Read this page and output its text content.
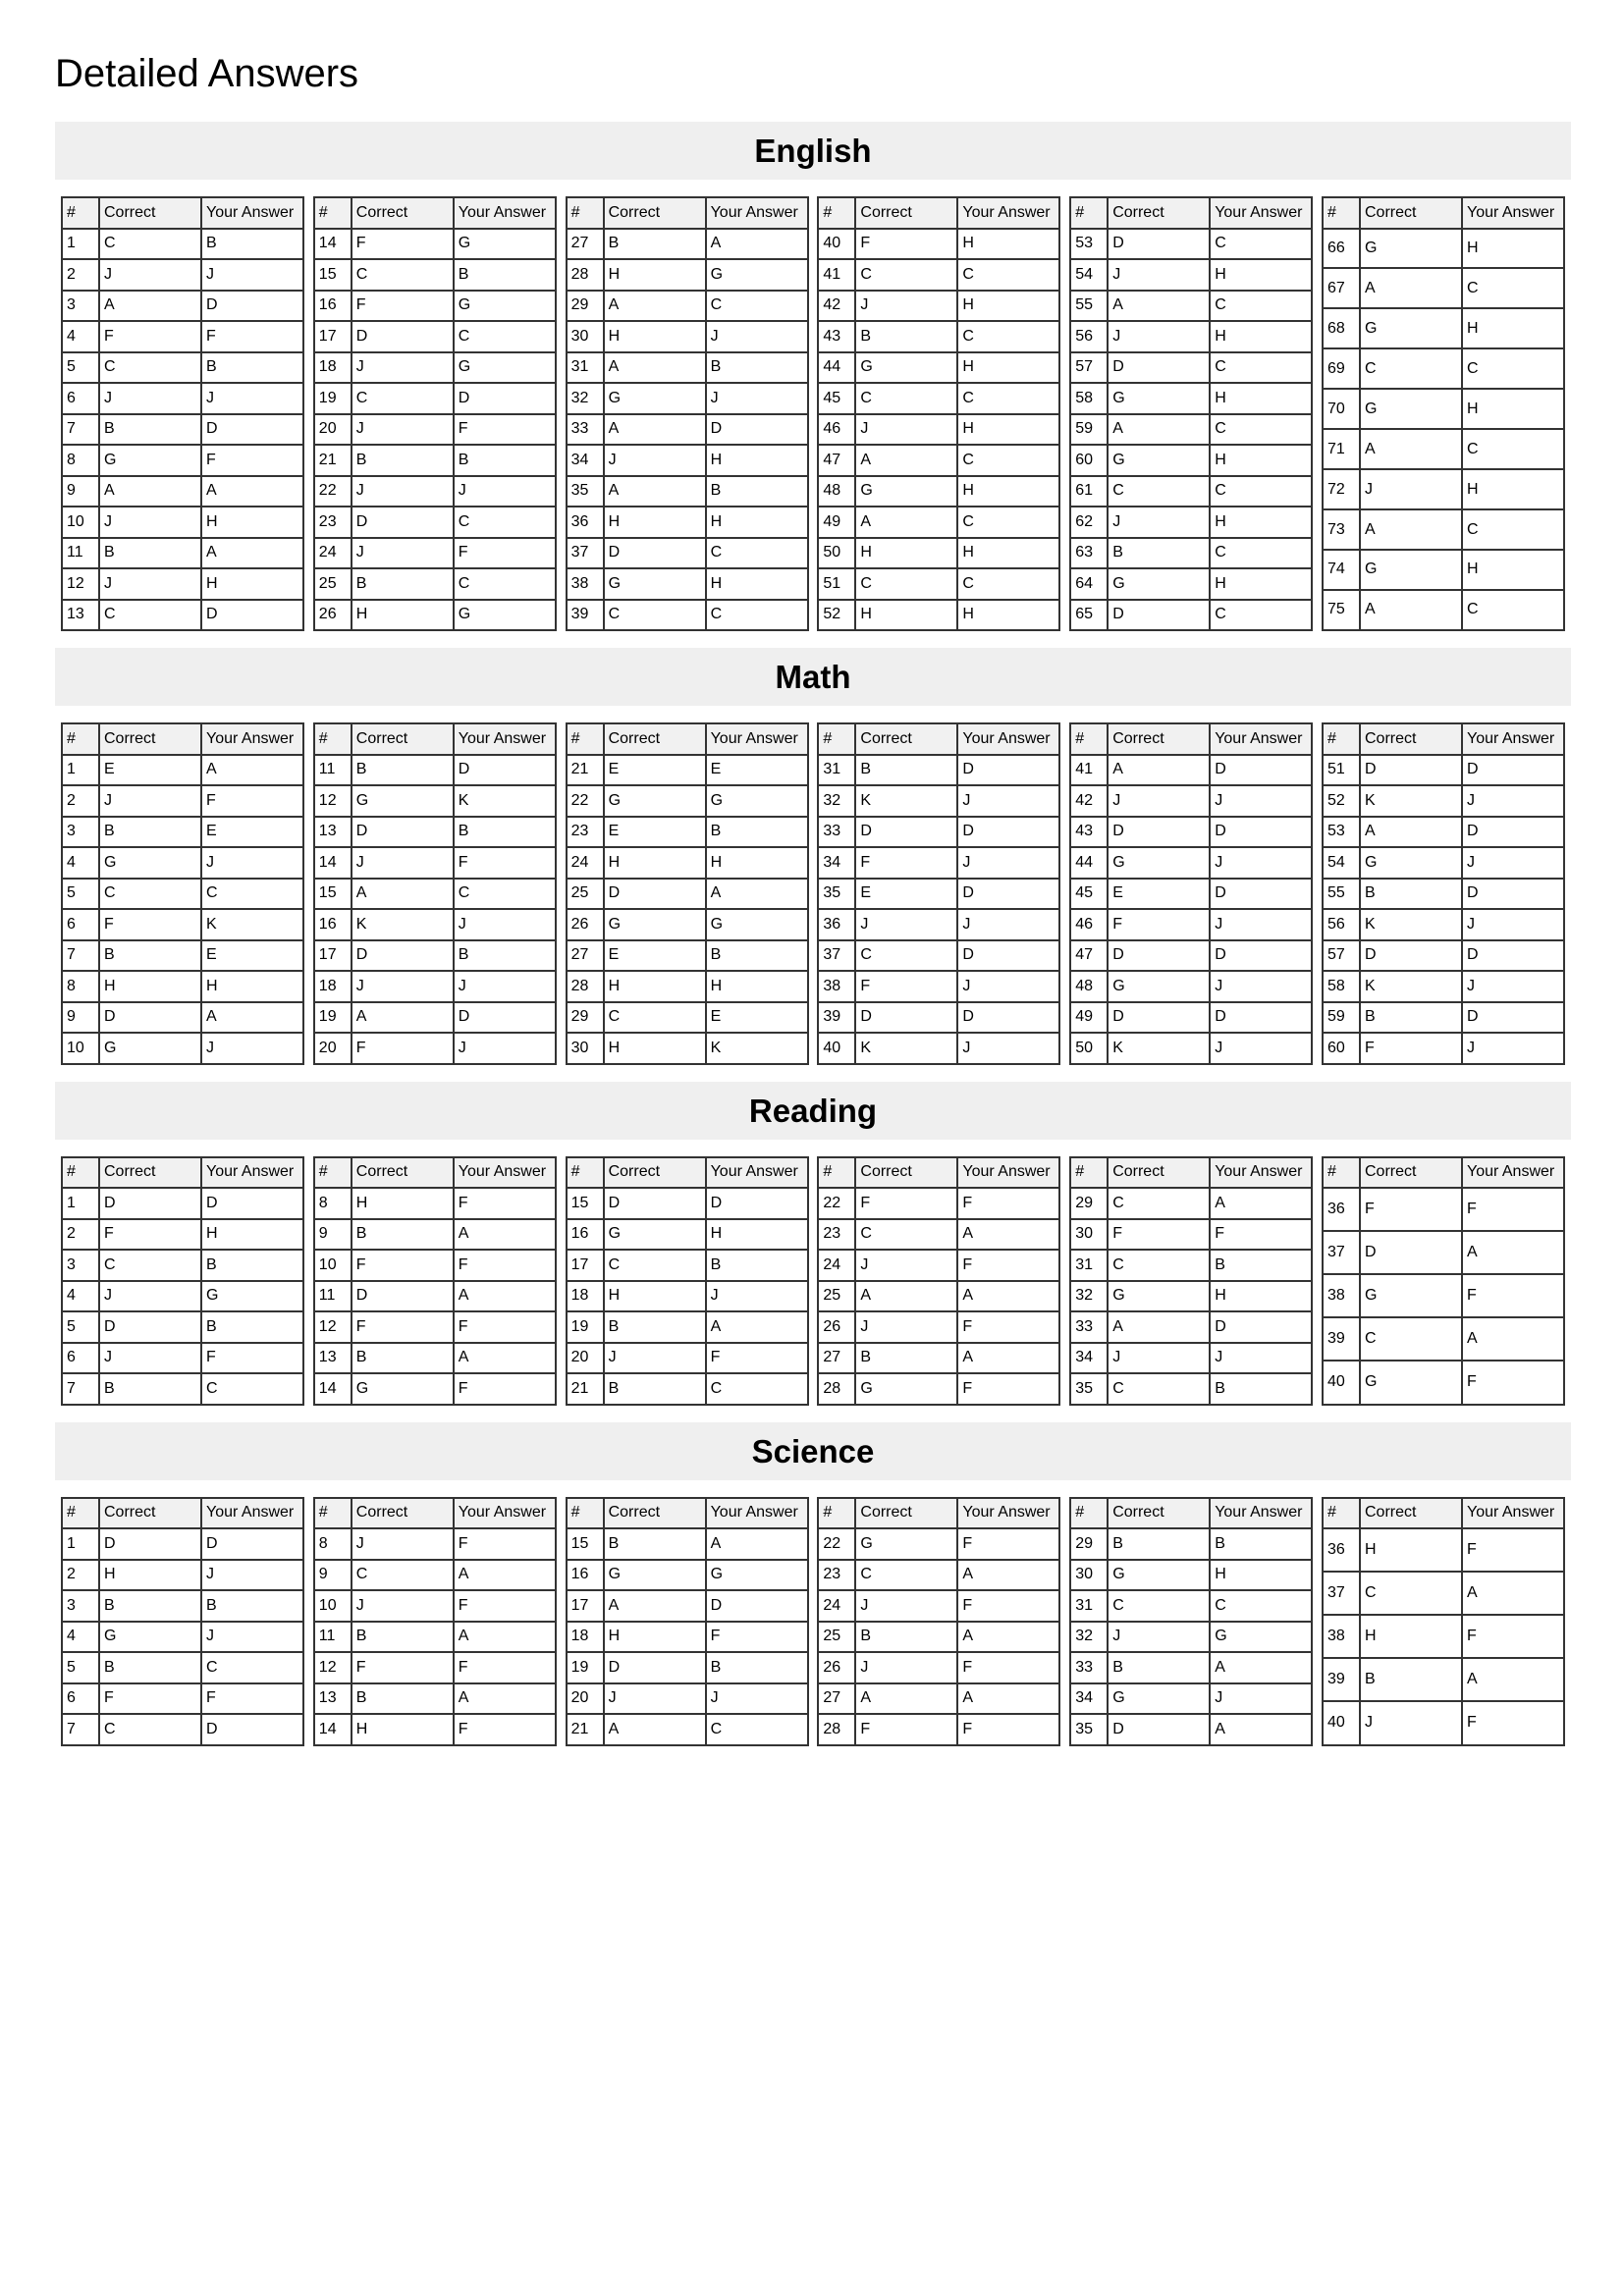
Detailed Answers
English
#	Correct	Your Answer
1	C	B
2	J	J
3	A	D
4	F	F
5	C	B
6	J	J
7	B	D
8	G	F
9	A	A
10	J	H
11	B	A
12	J	H
13	C	D
#	Correct	Your Answer
14	F	G
15	C	B
16	F	G
17	D	C
18	J	G
19	C	D
20	J	F
21	B	B
22	J	J
23	D	C
24	J	F
25	B	C
26	H	G
#	Correct	Your Answer
27	B	A
28	H	G
29	A	C
30	H	J
31	A	B
32	G	J
33	A	D
34	J	H
35	A	B
36	H	H
37	D	C
38	G	H
39	C	C
#	Correct	Your Answer
40	F	H
41	C	C
42	J	H
43	B	C
44	G	H
45	C	C
46	J	H
47	A	C
48	G	H
49	A	C
50	H	H
51	C	C
52	H	H
#	Correct	Your Answer
53	D	C
54	J	H
55	A	C
56	J	H
57	D	C
58	G	H
59	A	C
60	G	H
61	C	C
62	J	H
63	B	C
64	G	H
65	D	C
#	Correct	Your Answer
66	G	H
67	A	C
68	G	H
69	C	C
70	G	H
71	A	C
72	J	H
73	A	C
74	G	H
75	A	C
Math
#	Correct	Your Answer
1	E	A
2	J	F
3	B	E
4	G	J
5	C	C
6	F	K
7	B	E
8	H	H
9	D	A
10	G	J
#	Correct	Your Answer
11	B	D
12	G	K
13	D	B
14	J	F
15	A	C
16	K	J
17	D	B
18	J	J
19	A	D
20	F	J
#	Correct	Your Answer
21	E	E
22	G	G
23	E	B
24	H	H
25	D	A
26	G	G
27	E	B
28	H	H
29	C	E
30	H	K
#	Correct	Your Answer
31	B	D
32	K	J
33	D	D
34	F	J
35	E	D
36	J	J
37	C	D
38	F	J
39	D	D
40	K	J
#	Correct	Your Answer
41	A	D
42	J	J
43	D	D
44	G	J
45	E	D
46	F	J
47	D	D
48	G	J
49	D	D
50	K	J
#	Correct	Your Answer
51	D	D
52	K	J
53	A	D
54	G	J
55	B	D
56	K	J
57	D	D
58	K	J
59	B	D
60	F	J
Reading
#	Correct	Your Answer
1	D	D
2	F	H
3	C	B
4	J	G
5	D	B
6	J	F
7	B	C
#	Correct	Your Answer
8	H	F
9	B	A
10	F	F
11	D	A
12	F	F
13	B	A
14	G	F
#	Correct	Your Answer
15	D	D
16	G	H
17	C	B
18	H	J
19	B	A
20	J	F
21	B	C
#	Correct	Your Answer
22	F	F
23	C	A
24	J	F
25	A	A
26	J	F
27	B	A
28	G	F
#	Correct	Your Answer
29	C	A
30	F	F
31	C	B
32	G	H
33	A	D
34	J	J
35	C	B
#	Correct	Your Answer
36	F	F
37	D	A
38	G	F
39	C	A
40	G	F
Science
#	Correct	Your Answer
1	D	D
2	H	J
3	B	B
4	G	J
5	B	C
6	F	F
7	C	D
#	Correct	Your Answer
8	J	F
9	C	A
10	J	F
11	B	A
12	F	F
13	B	A
14	H	F
#	Correct	Your Answer
15	B	A
16	G	G
17	A	D
18	H	F
19	D	B
20	J	J
21	A	C
#	Correct	Your Answer
22	G	F
23	C	A
24	J	F
25	B	A
26	J	F
27	A	A
28	F	F
#	Correct	Your Answer
29	B	B
30	G	H
31	C	C
32	J	G
33	B	A
34	G	J
35	D	A
#	Correct	Your Answer
36	H	F
37	C	A
38	H	F
39	B	A
40	J	F
